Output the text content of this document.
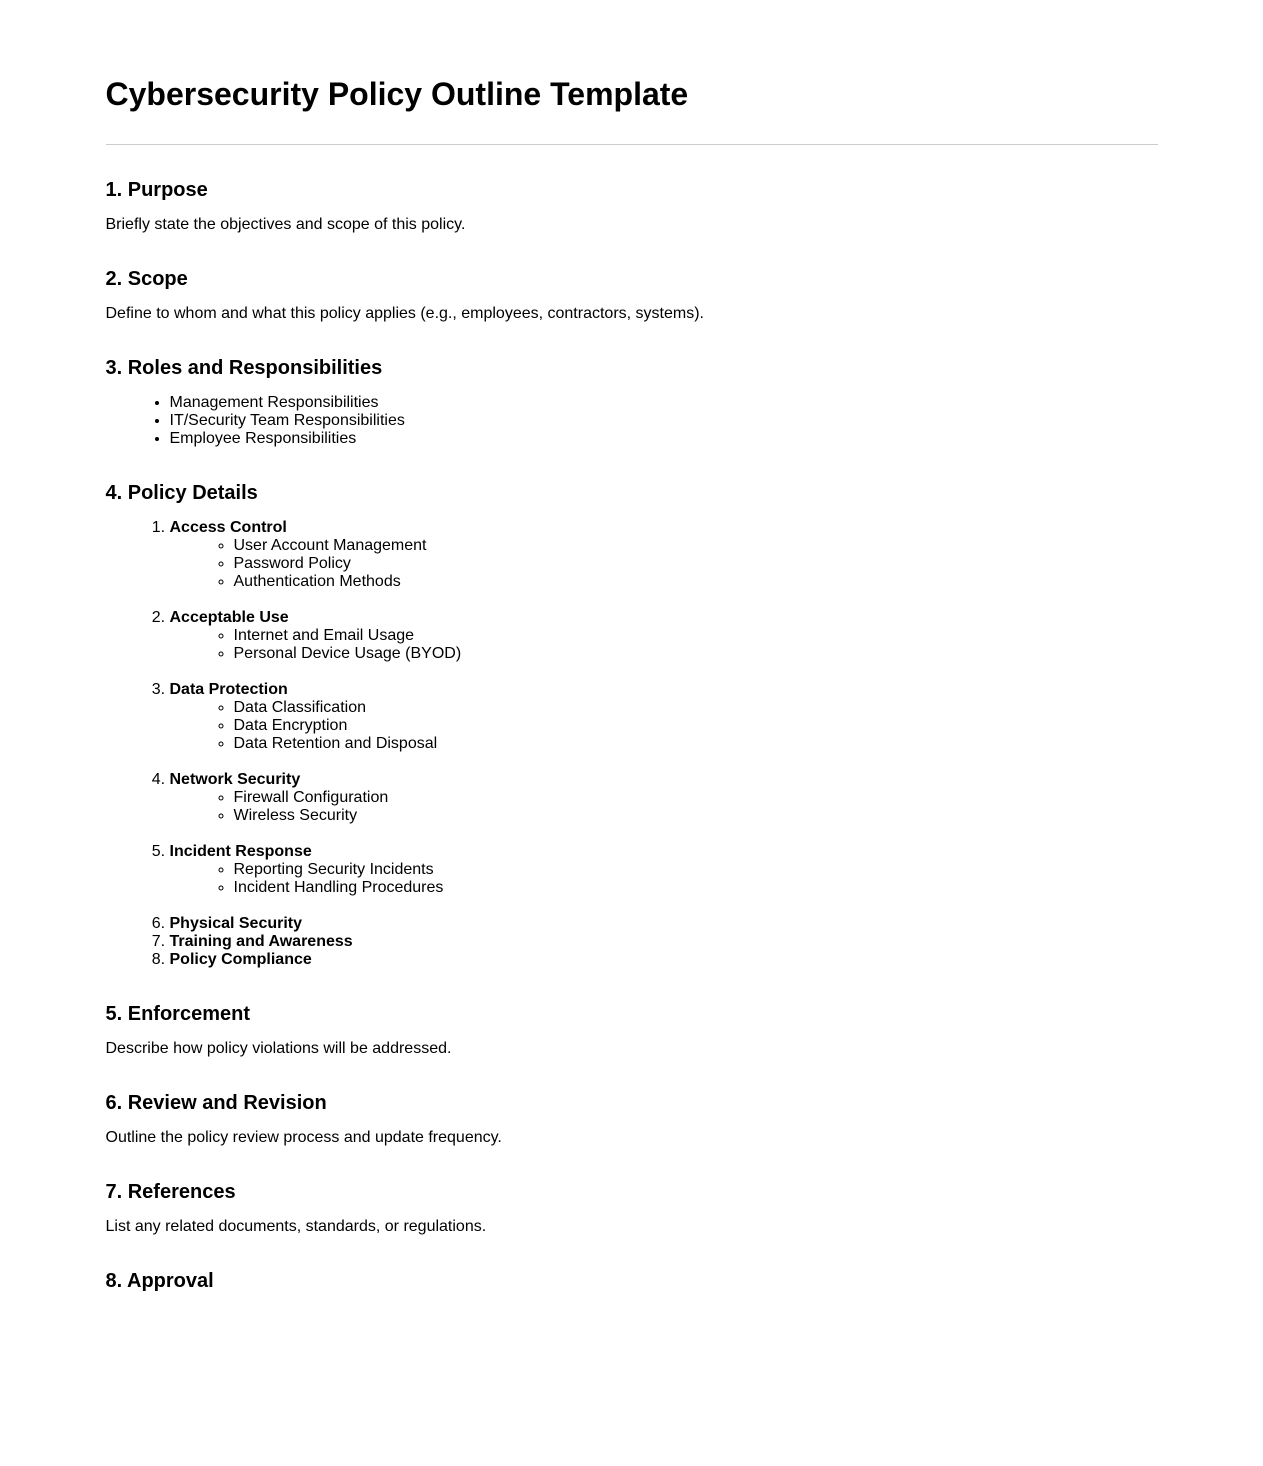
Cybersecurity Policy Outline Template
1. Purpose

Briefly state the objectives and scope of this policy.

2. Scope

Define to whom and what this policy applies (e.g., employees, contractors, systems).

3. Roles and Responsibilities
• Management Responsibilities
• IT/Security Team Responsibilities
• Employee Responsibilities
4. Policy Details
1. Access Control
◦ User Account Management
◦ Password Policy
◦ Authentication Methods
2. Acceptable Use
◦ Internet and Email Usage
◦ Personal Device Usage (BYOD)
3. Data Protection
◦ Data Classification
◦ Data Encryption
◦ Data Retention and Disposal
4. Network Security
◦ Firewall Configuration
◦ Wireless Security
5. Incident Response
◦ Reporting Security Incidents
◦ Incident Handling Procedures
6. Physical Security
7. Training and Awareness
8. Policy Compliance
5. Enforcement

Describe how policy violations will be addressed.

6. Review and Revision

Outline the policy review process and update frequency.

7. References

List any related documents, standards, or regulations.

8. Approval
